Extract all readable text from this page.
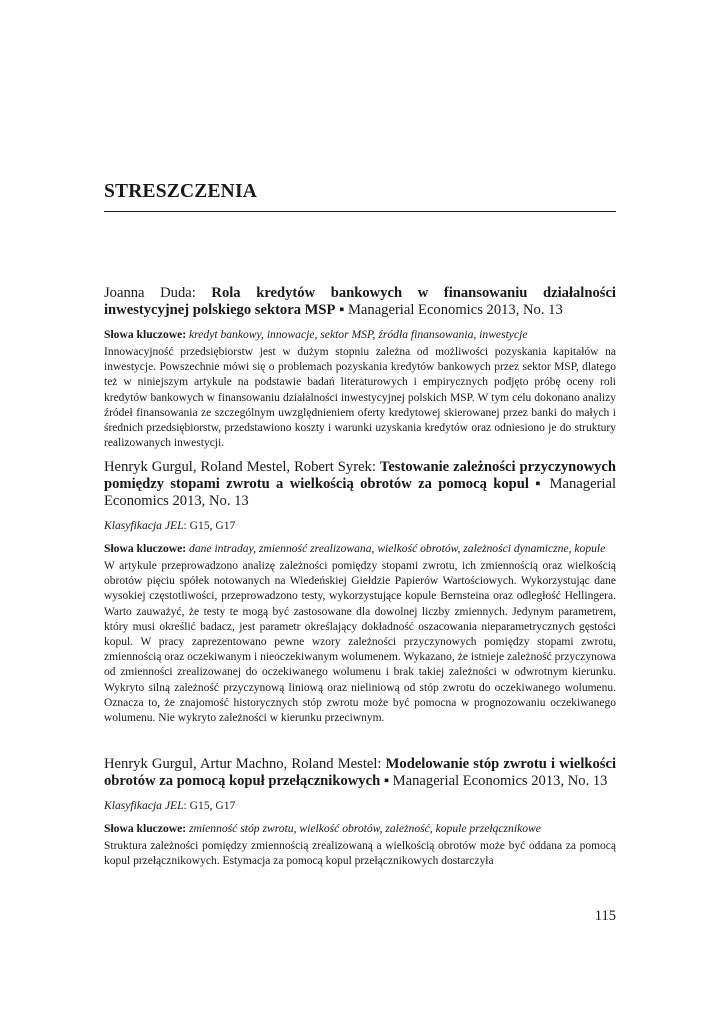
STRESZCZENIA

Joanna Duda: Rola kredytów bankowych w finansowaniu działalności inwestycyjnej polskiego sektora MSP ▪ Managerial Economics 2013, No. 13

Słowa kluczowe: kredyt bankowy, innowacje, sektor MSP, źródła finansowania, inwestycje
Innowacyjność przedsiębiorstw jest w dużym stopniu zależna od możliwości pozyskania kapitałów na inwestycje. Powszechnie mówi się o problemach pozyskania kredytów bankowych przez sektor MSP, dlatego też w niniejszym artykule na podstawie badań literaturowych i empirycznych podjęto próbę oceny roli kredytów bankowych w finansowaniu działalności inwestycyjnej polskich MSP. W tym celu dokonano analizy źródeł finansowania ze szczególnym uwzględnieniem oferty kredytowej skierowanej przez banki do małych i średnich przedsiębiorstw, przedstawiono koszty i warunki uzyskania kredytów oraz odniesiono je do struktury realizowanych inwestycji.

Henryk Gurgul, Roland Mestel, Robert Syrek: Testowanie zależności przyczynowych pomiędzy stopami zwrotu a wielkością obrotów za pomocą kopul ▪ Managerial Economics 2013, No. 13

Klasyfikacja JEL: G15, G17
Słowa kluczowe: dane intraday, zmienność zrealizowana, wielkość obrotów, zależności dynamiczne, kopule
W artykule przeprowadzono analizę zależności pomiędzy stopami zwrotu, ich zmiennością oraz wielkością obrotów pięciu spółek notowanych na Wiedeńskiej Giełdzie Papierów Wartościowych. Wykorzystując dane wysokiej częstotliwości, przeprowadzono testy, wykorzystujące kopule Bernsteina oraz odległość Hellingera. Warto zauważyć, że testy te mogą być zastosowane dla dowolnej liczby zmiennych. Jedynym parametrem, który musi określić badacz, jest parametr określający dokładność oszacowania nieparametrycznych gęstości kopul. W pracy zaprezentowano pewne wzory zależności przyczynowych pomiędzy stopami zwrotu, zmiennością oraz oczekiwanym i nieoczekiwanym wolumenem. Wykazano, że istnieje zależność przyczynowa od zmienności zrealizowanej do oczekiwanego wolumenu i brak takiej zależności w odwrotnym kierunku. Wykryto silną zależność przyczynową liniową oraz nieliniową od stóp zwrotu do oczekiwanego wolumenu. Oznacza to, że znajomość historycznych stóp zwrotu może być pomocna w prognozowaniu oczekiwanego wolumenu. Nie wykryto zależności w kierunku przeciwnym.

Henryk Gurgul, Artur Machno, Roland Mestel: Modelowanie stóp zwrotu i wielkości obrotów za pomocą kopuł przełącznikowych ▪ Managerial Economics 2013, No. 13

Klasyfikacja JEL: G15, G17
Słowa kluczowe: zmienność stóp zwrotu, wielkość obrotów, zależność, kopule przełącznikowe
Struktura zależności pomiędzy zmiennością zrealizowaną a wielkością obrotów może być oddana za pomocą kopul przełącznikowych. Estymacja za pomocą kopul przełącznikowych dostarczyła
115
